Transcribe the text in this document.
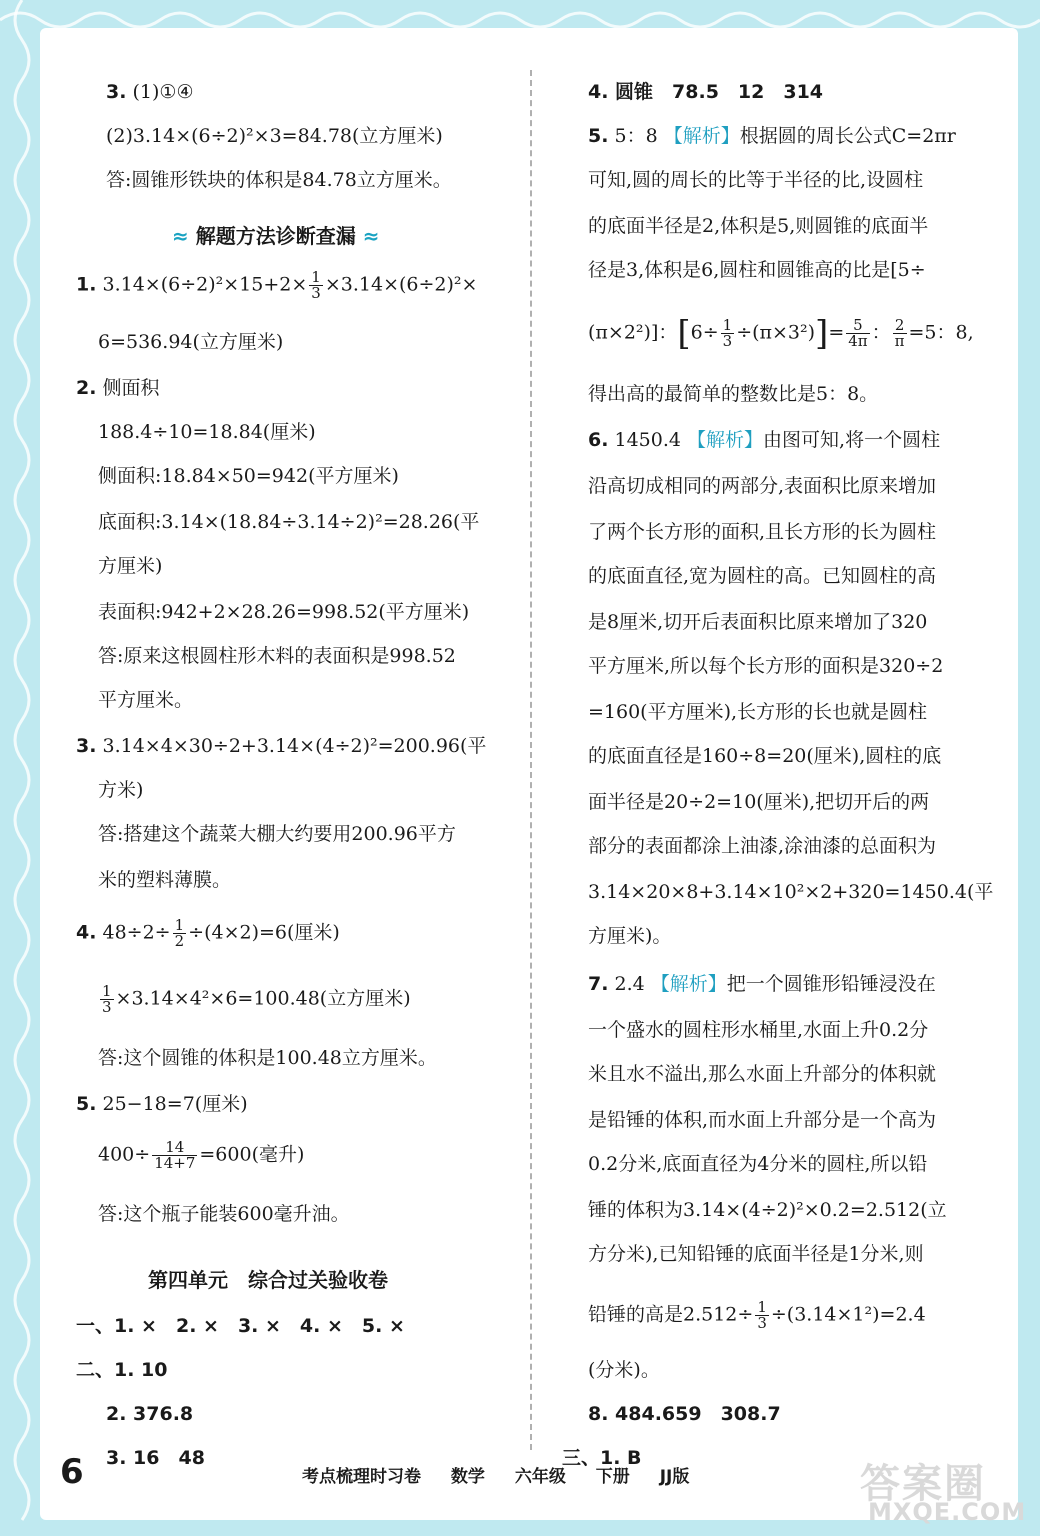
3. (1)①④
(2)3.14×(6÷2)²×3=84.78(立方厘米)
答:圆锥形铁块的体积是84.78立方厘米。
≈ 解题方法诊断查漏 ≈
1. $3.14\times(6\div 2)^2\times 15+2\times \frac{1}{3} \times 3.14\times(6\div 2)^2\times$
6=536.94(立方厘米)
2. 侧面积
188.4÷10=18.84(厘米)
侧面积:18.84×50=942(平方厘米)
底面积:3.14×(18.84÷3.14÷2)²=28.26(平
方厘米)
表面积:942+2×28.26=998.52(平方厘米)
答:原来这根圆柱形木料的表面积是998.52
平方厘米。
3. 3.14×4×30÷2+3.14×(4÷2)²=200.96(平
方米)
答:搭建这个蔬菜大棚大约要用200.96平方
米的塑料薄膜。
4. $48\div 2\div \frac{1}{2} \div(4\times 2)=6$(厘米)
$\frac{1}{3} \times 3.14\times 4^2\times 6=100.48$(立方厘米)
答:这个圆锥的体积是100.48立方厘米。
5. 25−18=7(厘米)
$400\div \frac{14}{14+7} =600$(毫升)
答:这个瓶子能装600毫升油。
第四单元　综合过关验收卷
一、1. ×　2. ×　3. ×　4. ×　5. ×
二、1. 10
2. 376.8
3. 16　48
4. 圆锥　78.5　12　314
5. 5：8 【解析】根据圆的周长公式C=2πr
可知,圆的周长的比等于半径的比,设圆柱
的底面半径是2,体积是5,则圆锥的底面半
径是3,体积是6,圆柱和圆锥高的比是[5÷
(π×2²)]：$[6\div \frac{1}{3} \div(\pi\times 3^2)]= \frac{5}{4\pi}$ ： $\frac{2}{\pi} =5$：8,
得出高的最简单的整数比是5：8。
6. 1450.4 【解析】由图可知,将一个圆柱
沿高切成相同的两部分,表面积比原来增加
了两个长方形的面积,且长方形的长为圆柱
的底面直径,宽为圆柱的高。已知圆柱的高
是8厘米,切开后表面积比原来增加了320
平方厘米,所以每个长方形的面积是320÷2
=160(平方厘米),长方形的长也就是圆柱
的底面直径是160÷8=20(厘米),圆柱的底
面半径是20÷2=10(厘米),把切开后的两
部分的表面都涂上油漆,涂油漆的总面积为
3.14×20×8+3.14×10²×2+320=1450.4(平
方厘米)。
7. 2.4 【解析】把一个圆锥形铅锤浸没在
一个盛水的圆柱形水桶里,水面上升0.2分
米且水不溢出,那么水面上升部分的体积就
是铅锤的体积,而水面上升部分是一个高为
0.2分米,底面直径为4分米的圆柱,所以铅
锤的体积为3.14×(4÷2)²×0.2=2.512(立
方分米),已知铅锤的底面半径是1分米,则
铅锤的高是$2.512\div \frac{1}{3} \div(3.14\times 1^2)=2.4$
(分米)。
8. 484.659　308.7
三、1. B
6	考点梳理时习卷 数学 六年级 下册 JJ版	答案圈
MXQE.COM
